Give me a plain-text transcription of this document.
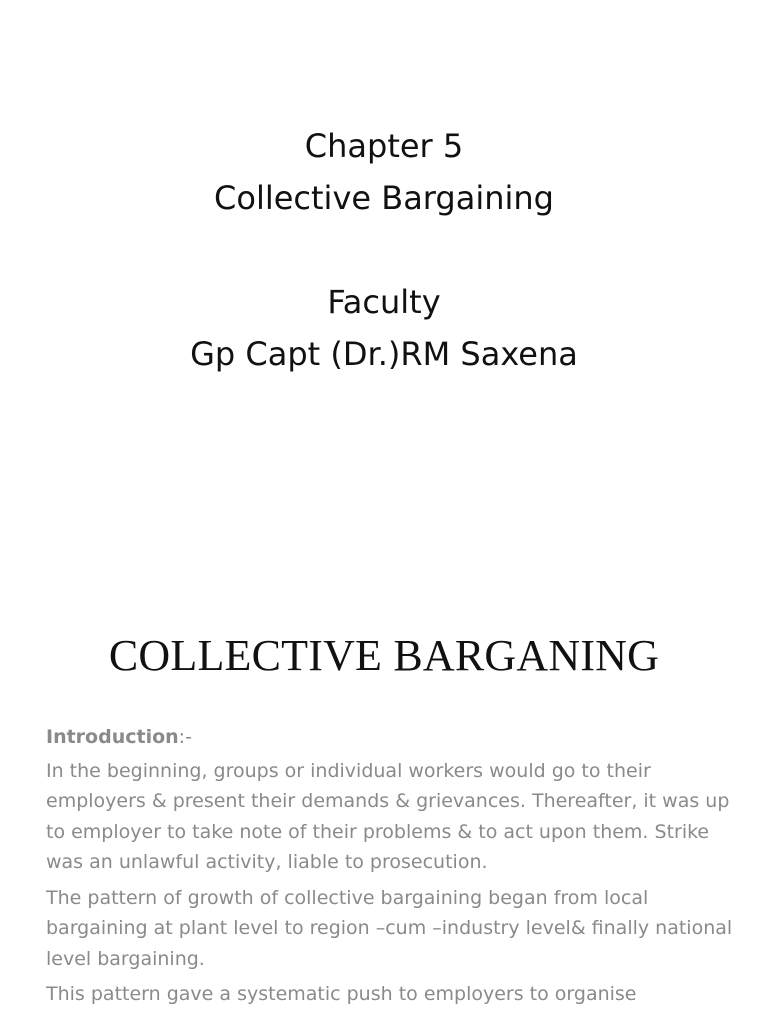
Chapter 5
Collective Bargaining
Faculty
Gp Capt (Dr.)RM Saxena
COLLECTIVE BARGANING
Introduction:-

In the beginning, groups or individual workers would go to their employers & present their demands & grievances. Thereafter, it was up to employer to take note of their problems & to act upon them. Strike was an unlawful activity, liable to prosecution.

The pattern of growth of collective bargaining began from local bargaining at plant level to region –cum –industry level& finally national level bargaining.

This pattern gave a systematic push to employers to organise
